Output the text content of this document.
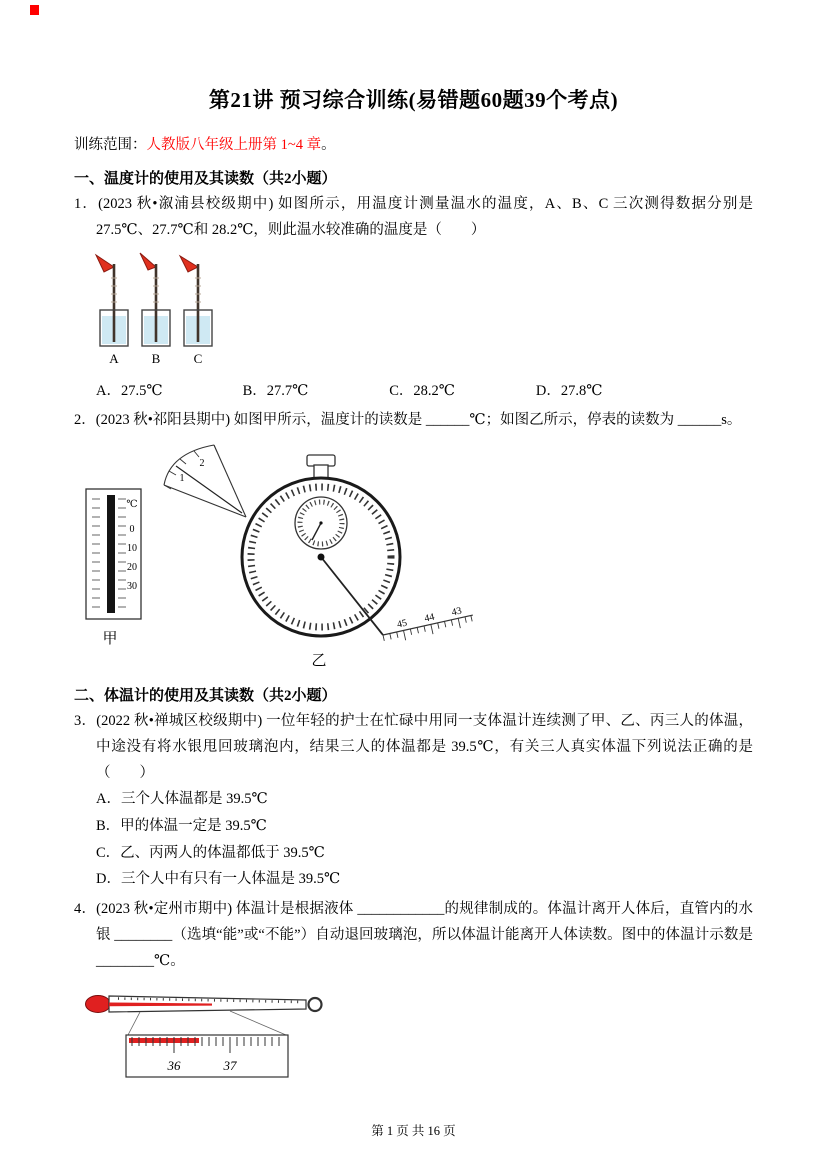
第21讲 预习综合训练(易错题60题39个考点)

训练范围：人教版八年级上册第 1~4 章。

一、温度计的使用及其读数（共2小题）

1．(2023 秋•溆浦县校级期中) 如图所示，用温度计测量温水的温度，A、B、C 三次测得数据分别是 27.5℃、27.7℃和 28.2℃，则此温水较准确的温度是（　　）

A	B	C
A．27.5℃	B．27.7℃	C．28.2℃	D．27.8℃

2．(2023 秋•祁阳县期中) 如图甲所示，温度计的读数是 ______℃；如图乙所示，停表的读数为 ______s。

℃
0
10
20
30
甲
1
2
45 44 43
乙
二、体温计的使用及其读数（共2小题）

3．(2022 秋•禅城区校级期中) 一位年轻的护士在忙碌中用同一支体温计连续测了甲、乙、丙三人的体温，中途没有将水银甩回玻璃泡内，结果三人的体温都是 39.5℃，有关三人真实体温下列说法正确的是（　　）

A．三个人体温都是 39.5℃
B．甲的体温一定是 39.5℃
C．乙、丙两人的体温都低于 39.5℃
D．三个人中有只有一人体温是 39.5℃

4．(2023 秋•定州市期中) 体温计是根据液体 ____________的规律制成的。体温计离开人体后，直管内的水银 ________（选填“能”或“不能”）自动退回玻璃泡，所以体温计能离开人体读数。图中的体温计示数是 ________℃。

36	37
第 1 页 共 16 页
